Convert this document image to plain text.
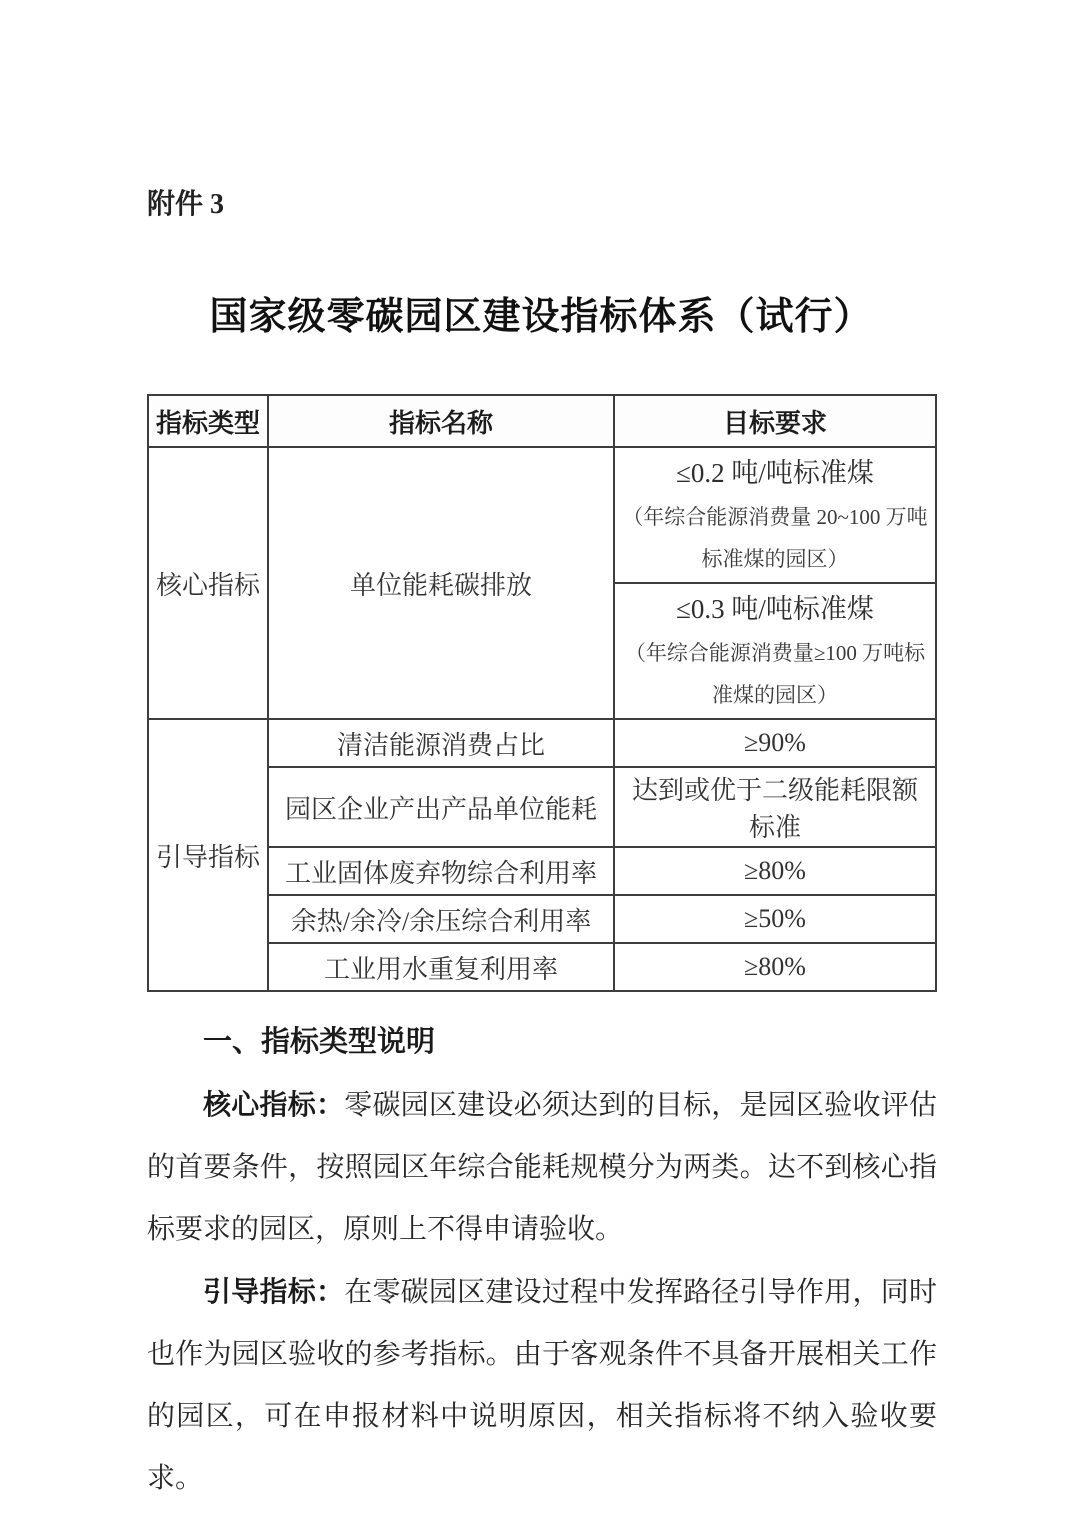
附件 3
国家级零碳园区建设指标体系（试行）
指标类型	指标名称	目标要求
核心指标	单位能耗碳排放	≤0.2 吨/吨标准煤
（年综合能源消费量 20~100 万吨标准煤的园区）

		≤0.3 吨/吨标准煤
（年综合能源消费量≥100 万吨标准煤的园区）

引导指标	清洁能源消费占比	≥90%
	园区企业产出产品单位能耗	达到或优于二级能耗限额标准
	工业固体废弃物综合利用率	≥80%
	余热/余冷/余压综合利用率	≥50%
	工业用水重复利用率	≥80%
一、指标类型说明

核心指标：零碳园区建设必须达到的目标，是园区验收评估的首要条件，按照园区年综合能耗规模分为两类。达不到核心指标要求的园区，原则上不得申请验收。

引导指标：在零碳园区建设过程中发挥路径引导作用，同时也作为园区验收的参考指标。由于客观条件不具备开展相关工作的园区，可在申报材料中说明原因，相关指标将不纳入验收要求。
